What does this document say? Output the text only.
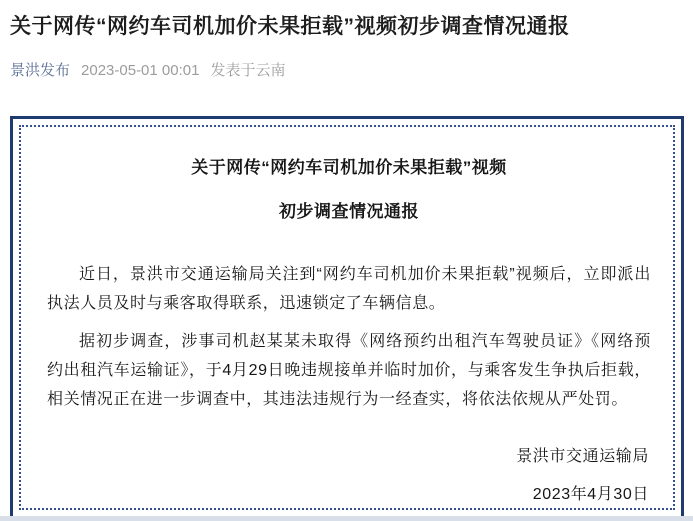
关于网传“网约车司机加价未果拒载”视频初步调查情况通报
景洪发布 2023-05-01 00:01 发表于云南
关于网传“网约车司机加价未果拒载”视频
初步调查情况通报

近日，景洪市交通运输局关注到“网约车司机加价未果拒载”视频后，立即派出执法人员及时与乘客取得联系，迅速锁定了车辆信息。

据初步调查，涉事司机赵某某未取得《网络预约出租汽车驾驶员证》《网络预约出租汽车运输证》，于4月29日晚违规接单并临时加价，与乘客发生争执后拒载，相关情况正在进一步调查中，其违法违规行为一经查实，将依法依规从严处罚。

景洪市交通运输局
2023年4月30日
